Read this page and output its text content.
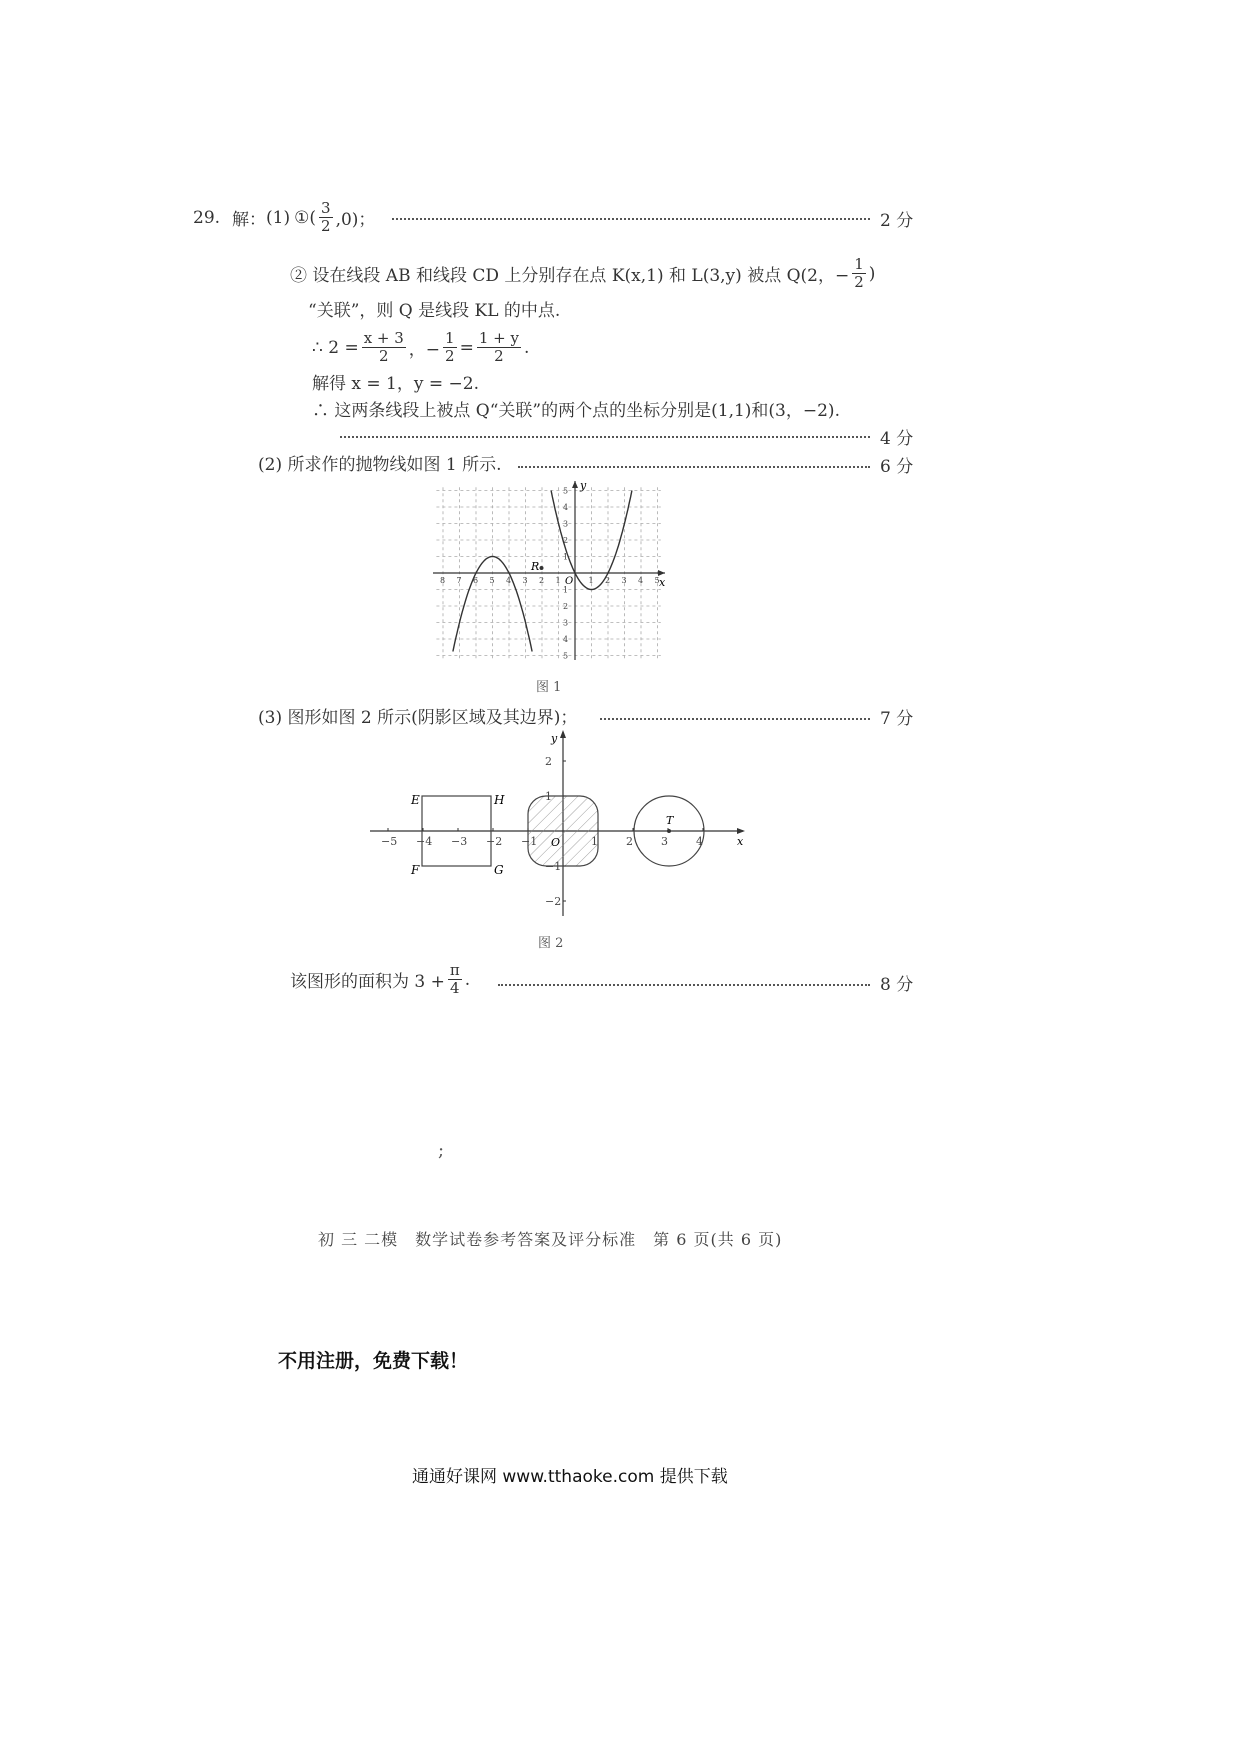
29. 解： (1) ①( $\frac{3}{2} ,0$)；	2 分
② 设在线段 AB 和线段 CD 上分别存在点 K(x,1) 和 L(3,y) 被点 Q(2，− $\frac{1}{2}$ )
“关联”，则 Q 是线段 KL 的中点.
∴ $2 = \frac{x + 3}{2}$ ，− $\frac{1}{2} = \frac{1 + y}{2}$ .
解得 x = 1，y = −2.
∴ 这两条线段上被点 Q“关联”的两个点的坐标分别是(1,1)和(3，−2).
4 分
(2) 所求作的抛物线如图 1 所示.	6 分
x
y
O
R
8 7 6 5 4 3 2 1	1 2 3 4 5
5
4
3
2
1
1
2
3
4
5
图 1
(3) 图形如图 2 所示(阴影区域及其边界)；	7 分
x
y
E	H
F	G
O
T
−5 −4 −3 −2 −1	1	2	3	4
2
1
−1
−2
图 2
该图形的面积为 $3 + \frac{\pi}{4}$ .	8 分
;
初 三 二模　数学试卷参考答案及评分标准　第 6 页(共 6 页)
不用注册，免费下载！
通通好课网 www.tthaoke.com 提供下载
